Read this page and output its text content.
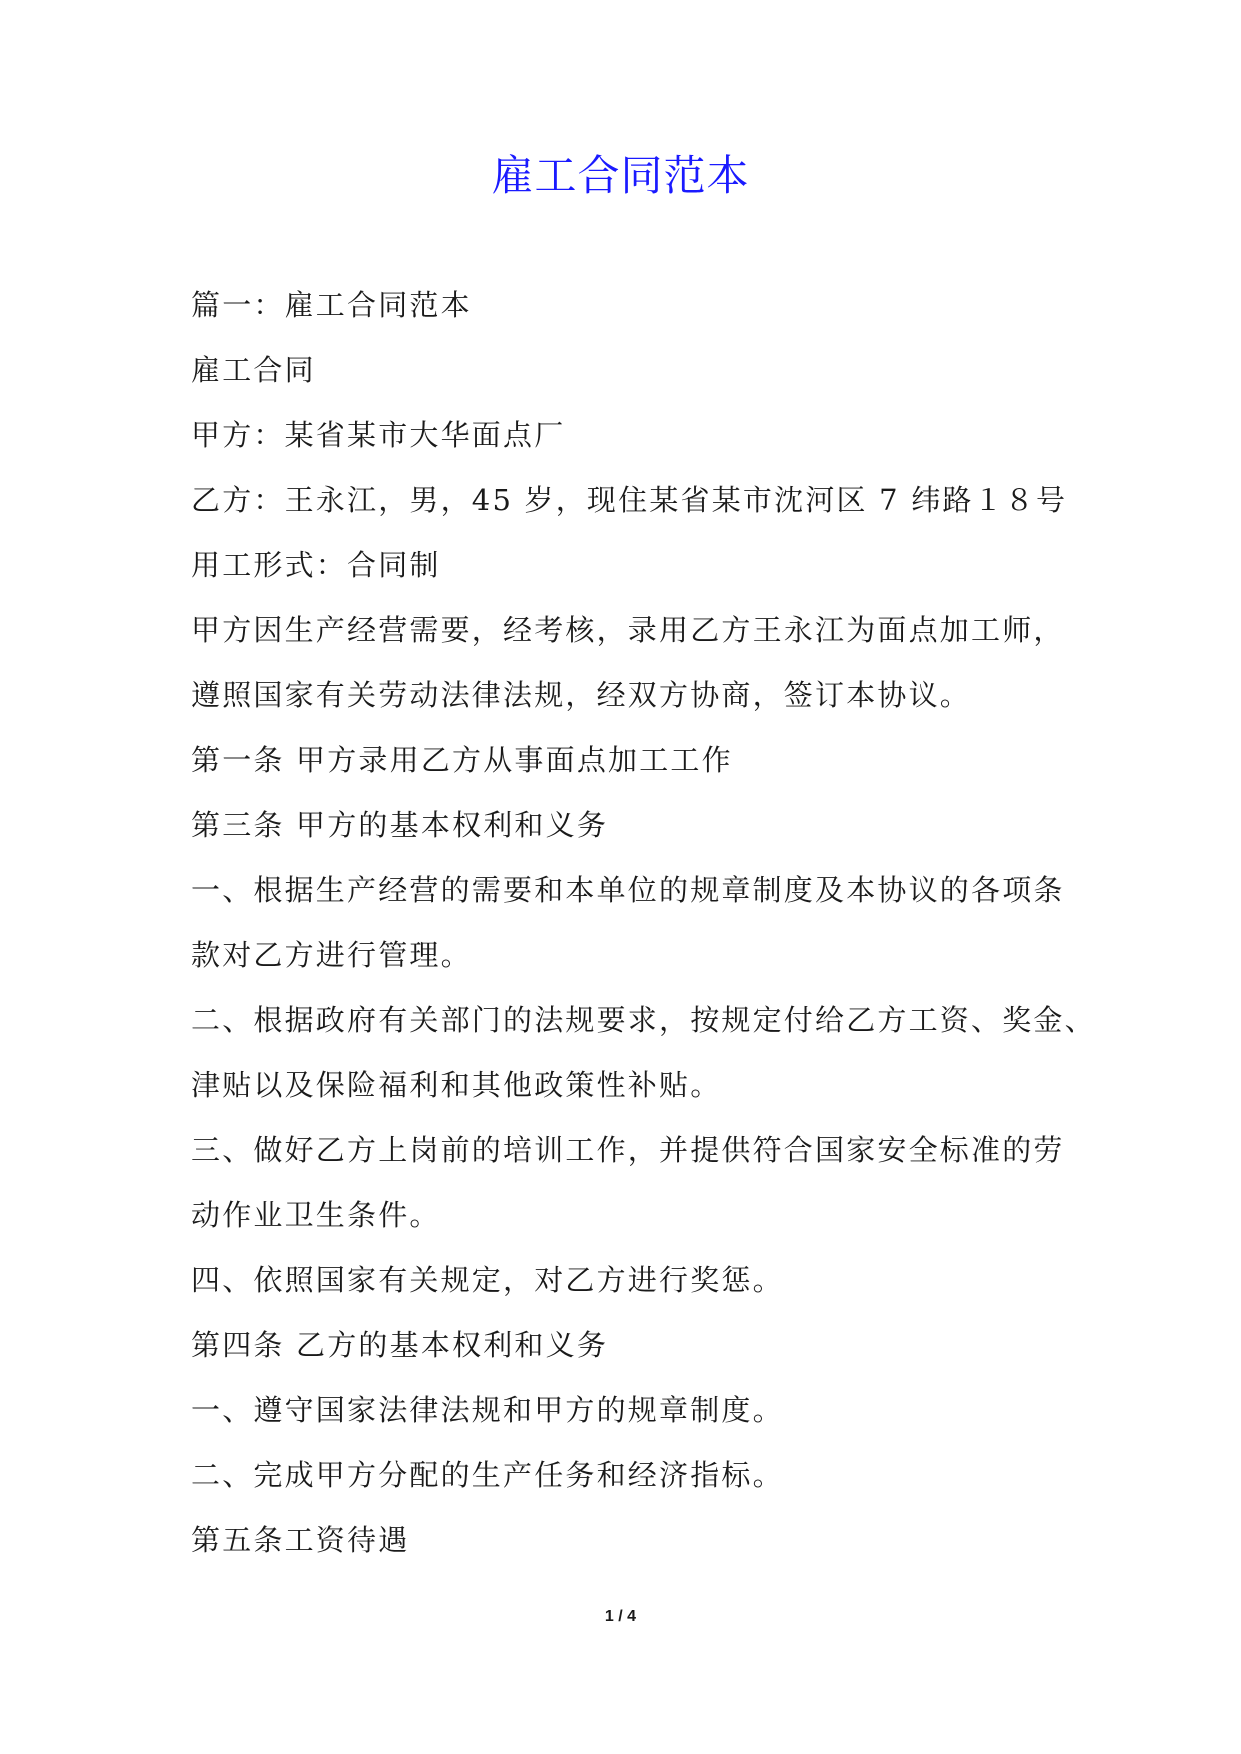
雇工合同范本
篇一：雇工合同范本
雇工合同
甲方：某省某市大华面点厂
乙方：王永江，男，45 岁，现住某省某市沈河区 7 纬路１８号
用工形式：合同制
甲方因生产经营需要，经考核，录用乙方王永江为面点加工师，
遵照国家有关劳动法律法规，经双方协商，签订本协议。
第一条 甲方录用乙方从事面点加工工作
第三条 甲方的基本权利和义务
一、根据生产经营的需要和本单位的规章制度及本协议的各项条
款对乙方进行管理。
二、根据政府有关部门的法规要求，按规定付给乙方工资、奖金、
津贴以及保险福利和其他政策性补贴。
三、做好乙方上岗前的培训工作，并提供符合国家安全标准的劳
动作业卫生条件。
四、依照国家有关规定，对乙方进行奖惩。
第四条 乙方的基本权利和义务
一、遵守国家法律法规和甲方的规章制度。
二、完成甲方分配的生产任务和经济指标。
第五条工资待遇
1 / 4
